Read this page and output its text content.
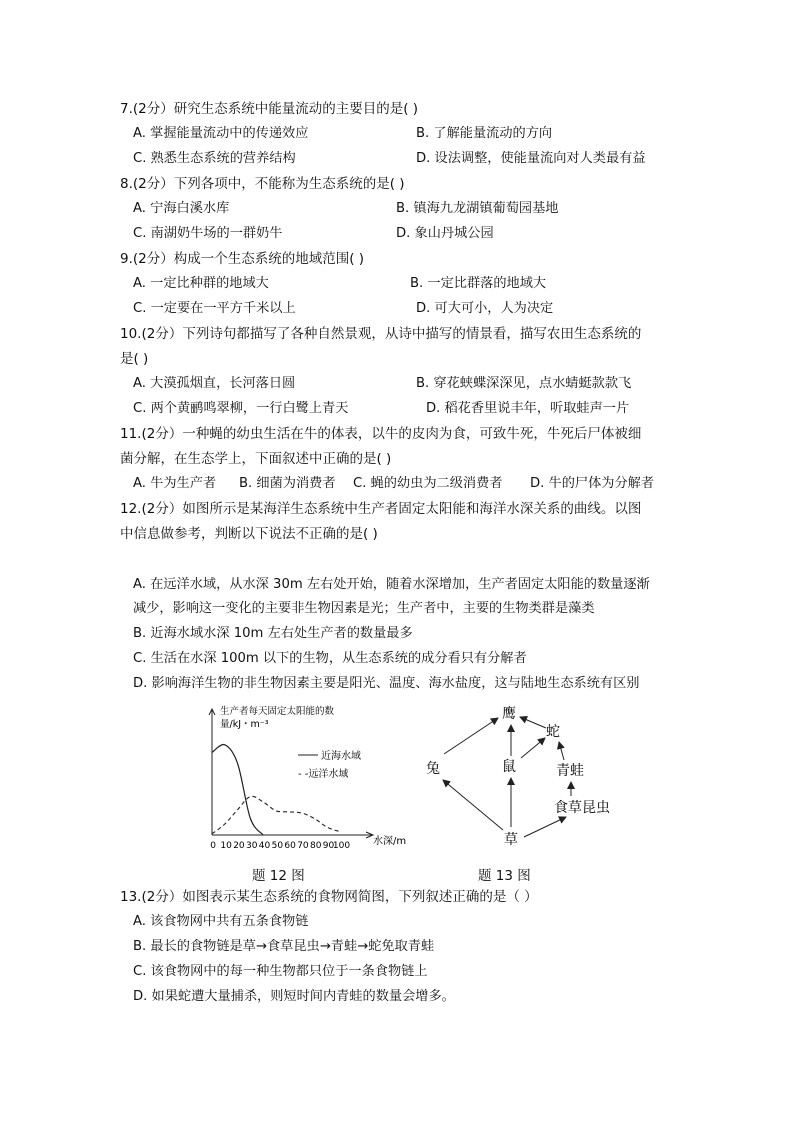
7.(2分）研究生态系统中能量流动的主要目的是( )
A. 掌握能量流动中的传递效应	B. 了解能量流动的方向
C. 熟悉生态系统的营养结构	D. 设法调整，使能量流向对人类最有益
8.(2分）下列各项中，不能称为生态系统的是( )
A. 宁海白溪水库	B. 镇海九龙湖镇葡萄园基地
C. 南湖奶牛场的一群奶牛	D. 象山丹城公园
9.(2分）构成一个生态系统的地域范围( )
A. 一定比种群的地域大	B. 一定比群落的地域大
C. 一定要在一平方千米以上	D. 可大可小，人为决定
10.(2分）下列诗句都描写了各种自然景观，从诗中描写的情景看，描写农田生态系统的
是( )
A. 大漠孤烟直，长河落日圆	B. 穿花蛱蝶深深见，点水蜻蜓款款飞
C. 两个黄鹂鸣翠柳，一行白鹭上青天	D. 稻花香里说丰年，听取蛙声一片
11.(2分）一种蝇的幼虫生活在牛的体表，以牛的皮肉为食，可致牛死，牛死后尸体被细
菌分解，在生态学上，下面叙述中正确的是( )
A. 牛为生产者 B. 细菌为消费者 C. 蝇的幼虫为二级消费者 D. 牛的尸体为分解者
12.(2分）如图所示是某海洋生态系统中生产者固定太阳能和海洋水深关系的曲线。以图
中信息做参考，判断以下说法不正确的是( )
A. 在远洋水域，从水深 30m 左右处开始，随着水深增加，生产者固定太阳能的数量逐渐
减少，影响这一变化的主要非生物因素是光；生产者中，主要的生物类群是藻类
B. 近海水域水深 10m 左右处生产者的数量最多
C. 生活在水深 100m 以下的生物，从生态系统的成分看只有分解者
D. 影响海洋生物的非生物因素主要是阳光、温度、海水盐度，这与陆地生态系统有区别
生产者每天固定太阳能的数
量/kJ・m⁻³
水深/m
0 10 20 30 40 50 60 70 80 90
100
近海水域
- -远洋水域
题 12 图
鹰
蛇
兔	鼠	青蛙
食草昆虫
草
题 13 图
13.(2分）如图表示某生态系统的食物网简图，下列叙述正确的是（ ）
A. 该食物网中共有五条食物链
B. 最长的食物链是草→食草昆虫→青蛙→蛇免取青蛙
C. 该食物网中的每一种生物都只位于一条食物链上
D. 如果蛇遭大量捕杀，则短时间内青蛙的数量会增多。
